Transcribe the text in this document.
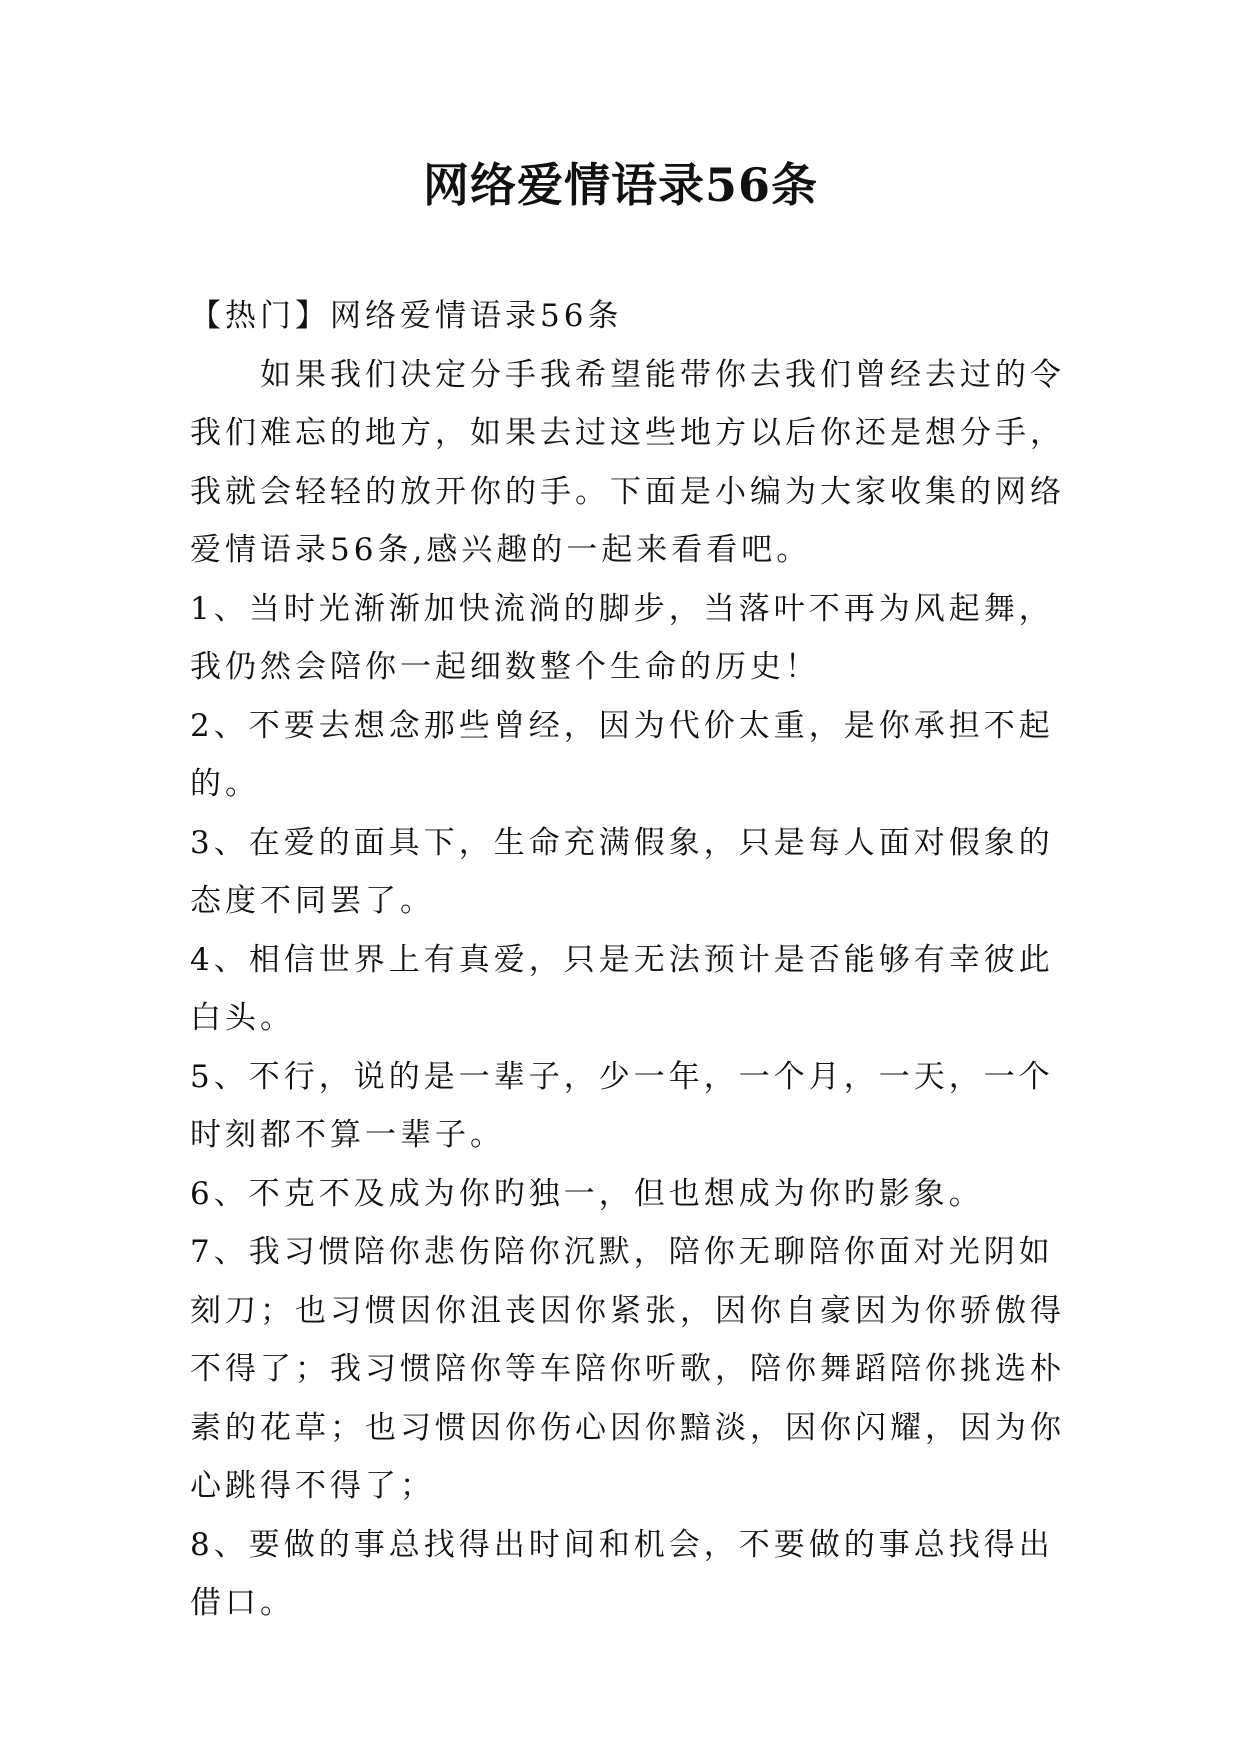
网络爱情语录56条

【热门】网络爱情语录56条

如果我们决定分手我希望能带你去我们曾经去过的令我们难忘的地方，如果去过这些地方以后你还是想分手，我就会轻轻的放开你的手。下面是小编为大家收集的网络爱情语录56条,感兴趣的一起来看看吧。

1、当时光渐渐加快流淌的脚步，当落叶不再为风起舞，我仍然会陪你一起细数整个生命的历史！

2、不要去想念那些曾经，因为代价太重，是你承担不起的。

3、在爱的面具下，生命充满假象，只是每人面对假象的态度不同罢了。

4、相信世界上有真爱，只是无法预计是否能够有幸彼此白头。

5、不行，说的是一辈子，少一年，一个月，一天，一个时刻都不算一辈子。

6、不克不及成为你旳独一，但也想成为你旳影象。

7、我习惯陪你悲伤陪你沉默，陪你无聊陪你面对光阴如刻刀；也习惯因你沮丧因你紧张，因你自豪因为你骄傲得不得了；我习惯陪你等车陪你听歌，陪你舞蹈陪你挑选朴素的花草；也习惯因你伤心因你黯淡，因你闪耀，因为你心跳得不得了；

8、要做的事总找得出时间和机会，不要做的事总找得出借口。
